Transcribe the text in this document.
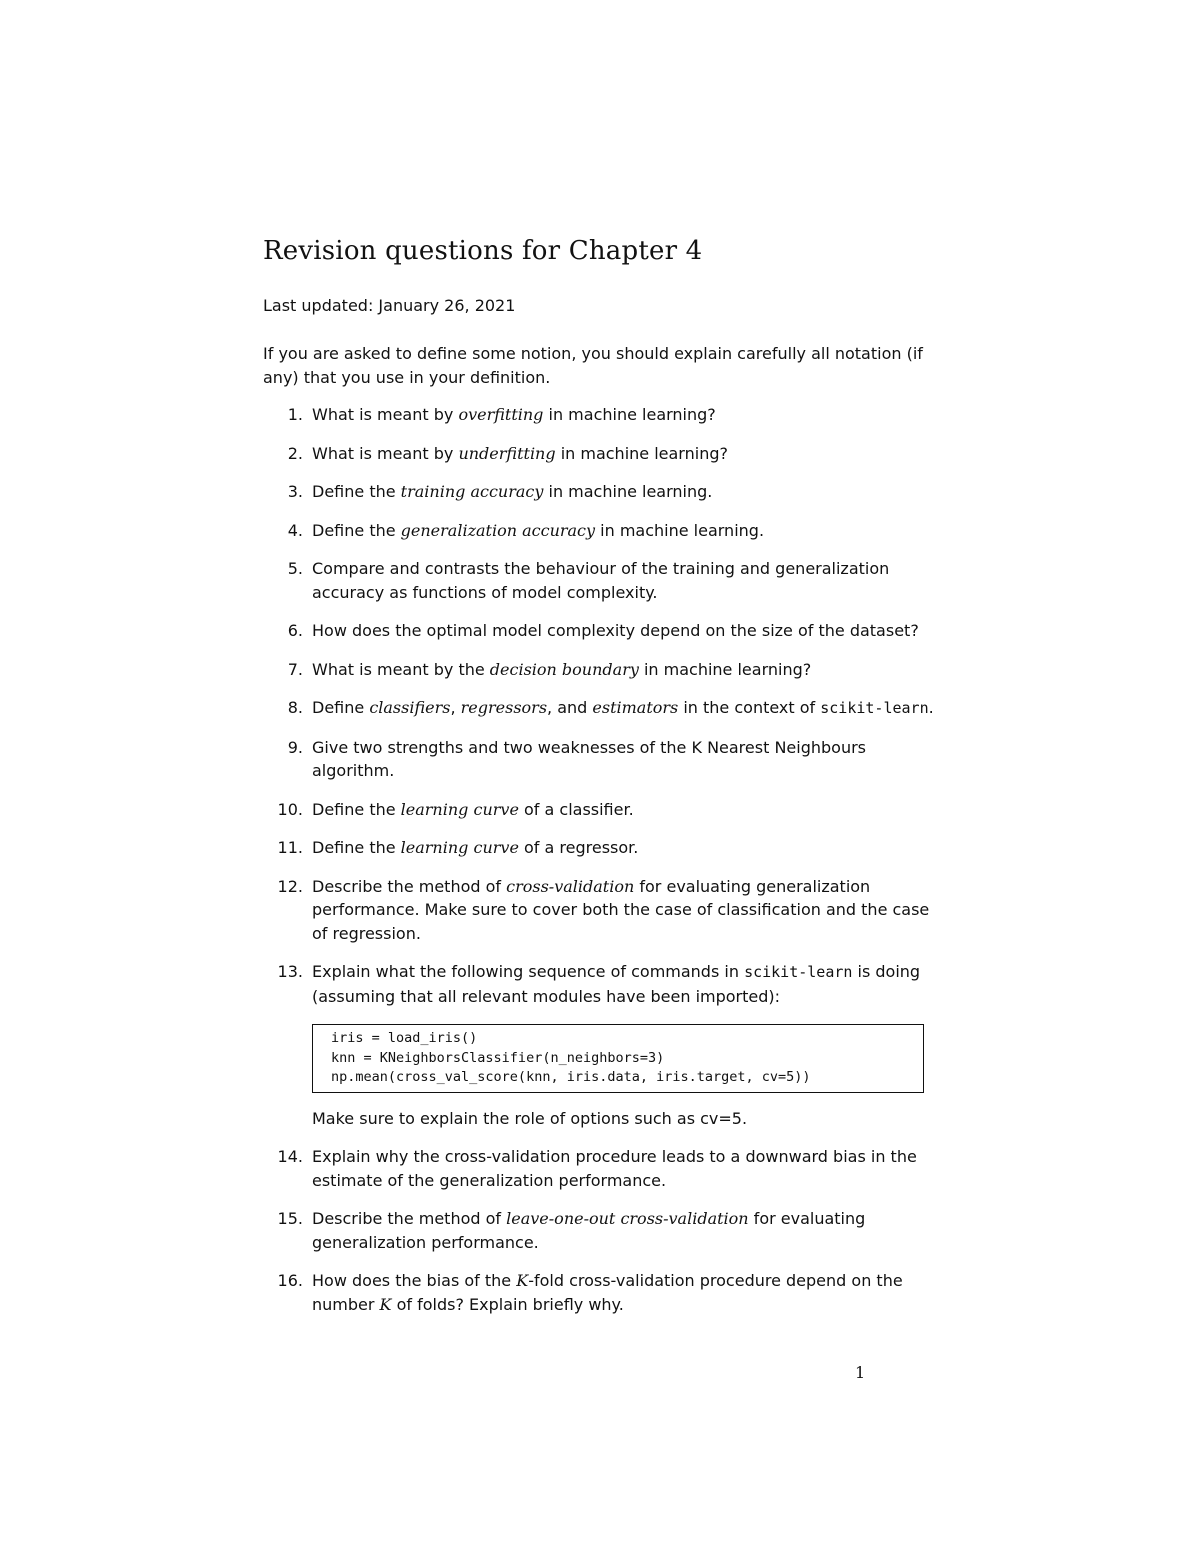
Revision questions for Chapter 4
Last updated: January 26, 2021
If you are asked to define some notion, you should explain carefully all notation (if any) that you use in your definition.
1. What is meant by overfitting in machine learning?
2. What is meant by underfitting in machine learning?
3. Define the training accuracy in machine learning.
4. Define the generalization accuracy in machine learning.
5. Compare and contrasts the behaviour of the training and generalization accuracy as functions of model complexity.
6. How does the optimal model complexity depend on the size of the dataset?
7. What is meant by the decision boundary in machine learning?
8. Define classifiers, regressors, and estimators in the context of scikit-learn.
9. Give two strengths and two weaknesses of the K Nearest Neighbours algorithm.
10. Define the learning curve of a classifier.
11. Define the learning curve of a regressor.
12. Describe the method of cross-validation for evaluating generalization performance. Make sure to cover both the case of classification and the case of regression.
13. Explain what the following sequence of commands in scikit-learn is doing (assuming that all relevant modules have been imported):
iris = load_iris()
knn = KNeighborsClassifier(n_neighbors=3)
np.mean(cross_val_score(knn, iris.data, iris.target, cv=5))
Make sure to explain the role of options such as cv=5.
14. Explain why the cross-validation procedure leads to a downward bias in the estimate of the generalization performance.
15. Describe the method of leave-one-out cross-validation for evaluating generalization performance.
16. How does the bias of the K-fold cross-validation procedure depend on the number K of folds? Explain briefly why.
1
